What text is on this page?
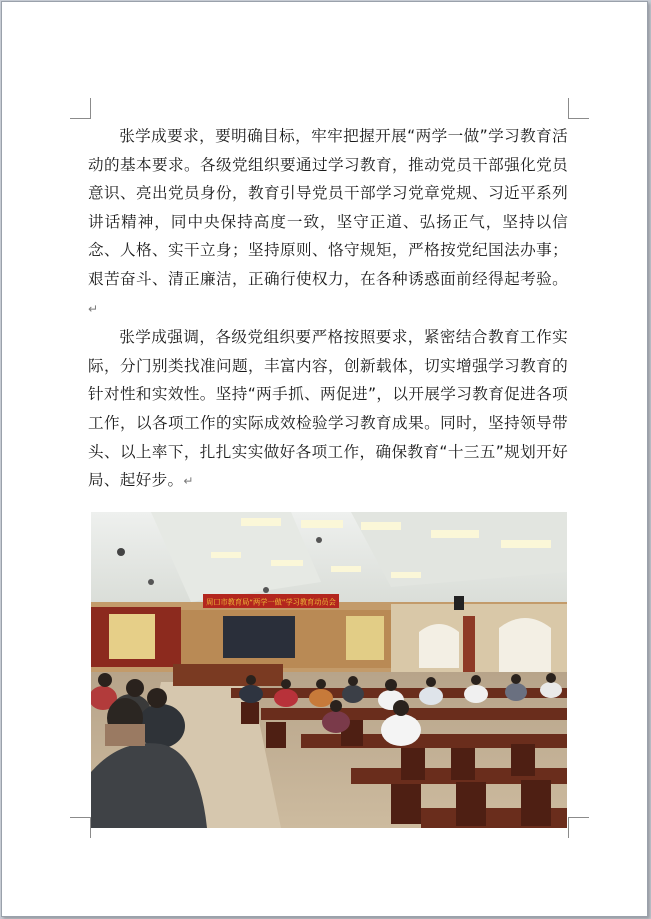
张学成要求，要明确目标，牢牢把握开展“两学一做”学习教育活动的基本要求。各级党组织要通过学习教育，推动党员干部强化党员意识、亮出党员身份，教育引导党员干部学习党章党规、习近平系列讲话精神，同中央保持高度一致，坚守正道、弘扬正气，坚持以信念、人格、实干立身；坚持原则、恪守规矩，严格按党纪国法办事；艰苦奋斗、清正廉洁，正确行使权力，在各种诱惑面前经得起考验。↵

张学成强调，各级党组织要严格按照要求，紧密结合教育工作实际，分门别类找准问题，丰富内容，创新载体，切实增强学习教育的针对性和实效性。坚持“两手抓、两促进”，以开展学习教育促进各项工作，以各项工作的实际成效检验学习教育成果。同时，坚持领导带头、以上率下，扎扎实实做好各项工作，确保教育“十三五”规划开好局、起好步。↵

周口市教育局“两学一做”学习教育动员会
